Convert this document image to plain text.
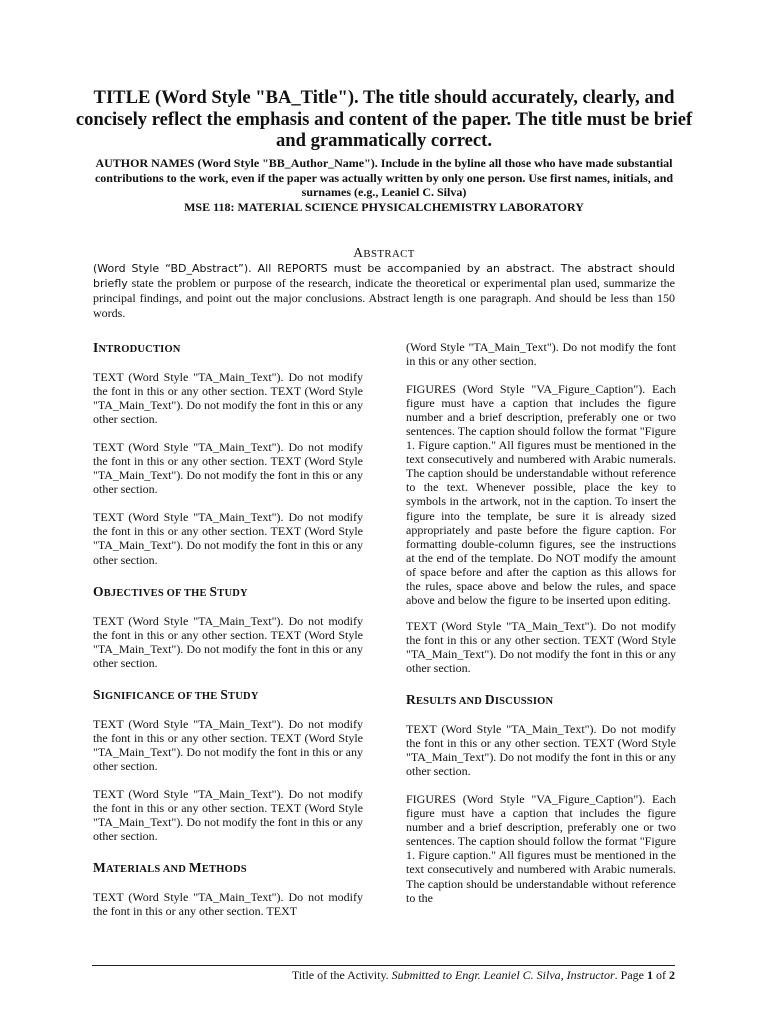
TITLE (Word Style "BA_Title"). The title should accurately, clearly, and concisely reflect the emphasis and content of the paper. The title must be brief and grammatically correct.
AUTHOR NAMES (Word Style "BB_Author_Name"). Include in the byline all those who have made substantial contributions to the work, even if the paper was actually written by only one person. Use first names, initials, and surnames (e.g., Leaniel C. Silva)
MSE 118: MATERIAL SCIENCE PHYSICALCHEMISTRY LABORATORY
ABSTRACT
(Word Style “BD_Abstract”). All REPORTS must be accompanied by an abstract. The abstract should briefly state the problem or purpose of the research, indicate the theoretical or experimental plan used, summarize the principal findings, and point out the major conclusions. Abstract length is one paragraph. And should be less than 150 words.

INTRODUCTION

TEXT (Word Style "TA_Main_Text"). Do not modify the font in this or any other section. TEXT (Word Style "TA_Main_Text"). Do not modify the font in this or any other section.

TEXT (Word Style "TA_Main_Text"). Do not modify the font in this or any other section. TEXT (Word Style "TA_Main_Text"). Do not modify the font in this or any other section.

TEXT (Word Style "TA_Main_Text"). Do not modify the font in this or any other section. TEXT (Word Style "TA_Main_Text"). Do not modify the font in this or any other section.

OBJECTIVES OF THE STUDY

TEXT (Word Style "TA_Main_Text"). Do not modify the font in this or any other section. TEXT (Word Style "TA_Main_Text"). Do not modify the font in this or any other section.

SIGNIFICANCE OF THE STUDY

TEXT (Word Style "TA_Main_Text"). Do not modify the font in this or any other section. TEXT (Word Style "TA_Main_Text"). Do not modify the font in this or any other section.

TEXT (Word Style "TA_Main_Text"). Do not modify the font in this or any other section. TEXT (Word Style "TA_Main_Text"). Do not modify the font in this or any other section.

MATERIALS AND METHODS

TEXT (Word Style "TA_Main_Text"). Do not modify the font in this or any other section. TEXT

(Word Style "TA_Main_Text"). Do not modify the font in this or any other section.

FIGURES (Word Style "VA_Figure_Caption"). Each figure must have a caption that includes the figure number and a brief description, preferably one or two sentences. The caption should follow the format "Figure 1. Figure caption." All figures must be mentioned in the text consecutively and numbered with Arabic numerals. The caption should be understandable without reference to the text. Whenever possible, place the key to symbols in the artwork, not in the caption. To insert the figure into the template, be sure it is already sized appropriately and paste before the figure caption. For formatting double-column figures, see the instructions at the end of the template. Do NOT modify the amount of space before and after the caption as this allows for the rules, space above and below the rules, and space above and below the figure to be inserted upon editing.

TEXT (Word Style "TA_Main_Text"). Do not modify the font in this or any other section. TEXT (Word Style "TA_Main_Text"). Do not modify the font in this or any other section.

RESULTS AND DISCUSSION

TEXT (Word Style "TA_Main_Text"). Do not modify the font in this or any other section. TEXT (Word Style "TA_Main_Text"). Do not modify the font in this or any other section.

FIGURES (Word Style "VA_Figure_Caption"). Each figure must have a caption that includes the figure number and a brief description, preferably one or two sentences. The caption should follow the format "Figure 1. Figure caption." All figures must be mentioned in the text consecutively and numbered with Arabic numerals. The caption should be understandable without reference to the

Title of the Activity. Submitted to Engr. Leaniel C. Silva, Instructor. Page 1 of 2
